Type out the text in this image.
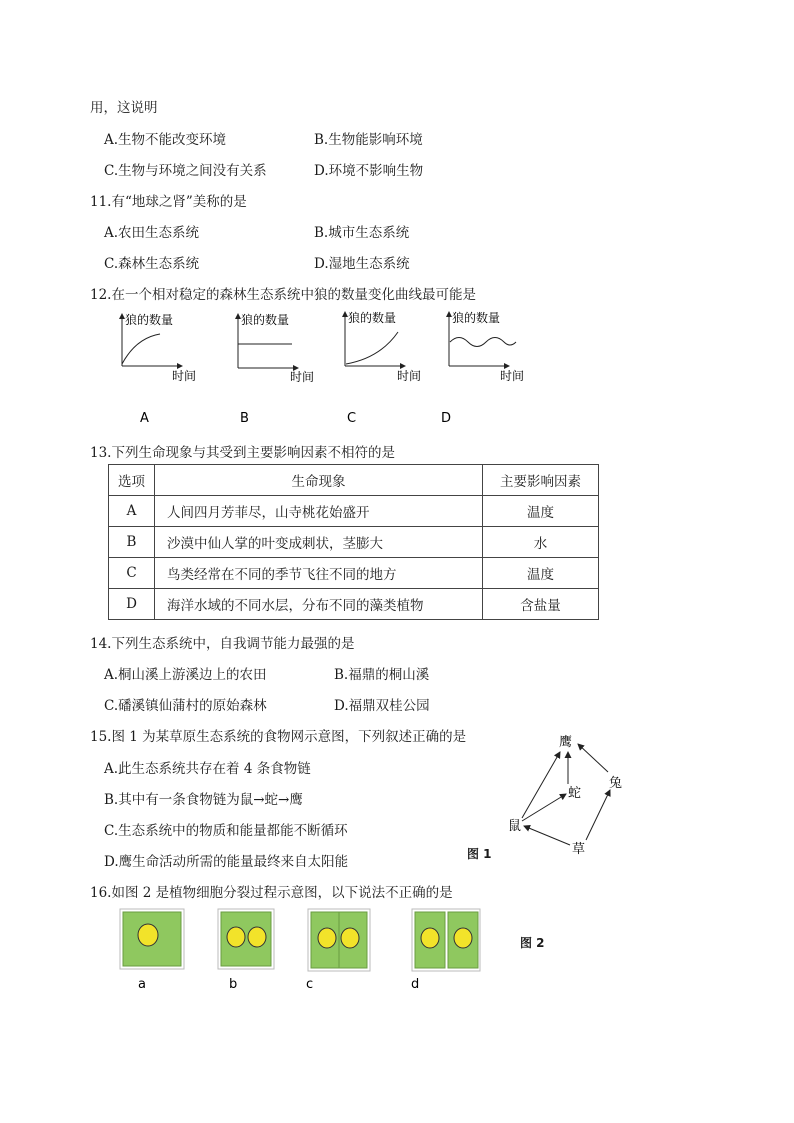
用，这说明
A.生物不能改变环境	B.生物能影响环境
C.生物与环境之间没有关系	D.环境不影响生物
11.有“地球之肾”美称的是
A.农田生态系统	B.城市生态系统
C.森林生态系统	D.湿地生态系统
12.在一个相对稳定的森林生态系统中狼的数量变化曲线最可能是
狼的数量
时间
A
狼的数量
时间
B
狼的数量
时间
C
狼的数量
时间
D
13.下列生命现象与其受到主要影响因素不相符的是
选项	生命现象	主要影响因素
A	人间四月芳菲尽，山寺桃花始盛开	温度
B	沙漠中仙人掌的叶变成刺状，茎膨大	水
C	鸟类经常在不同的季节飞往不同的地方	温度
D	海洋水域的不同水层，分布不同的藻类植物	含盐量
14.下列生态系统中，自我调节能力最强的是
A.桐山溪上游溪边上的农田	B.福鼎的桐山溪
C.磻溪镇仙蒲村的原始森林	D.福鼎双桂公园
15.图 1 为某草原生态系统的食物网示意图，下列叙述正确的是
A.此生态系统共存在着 4 条食物链
B.其中有一条食物链为鼠→蛇→鹰
C.生态系统中的物质和能量都能不断循环
D.鹰生命活动所需的能量最终来自太阳能
鹰
蛇
兔
鼠
草
图 1
16.如图 2 是植物细胞分裂过程示意图，以下说法不正确的是
a	b	c	d
图 2
